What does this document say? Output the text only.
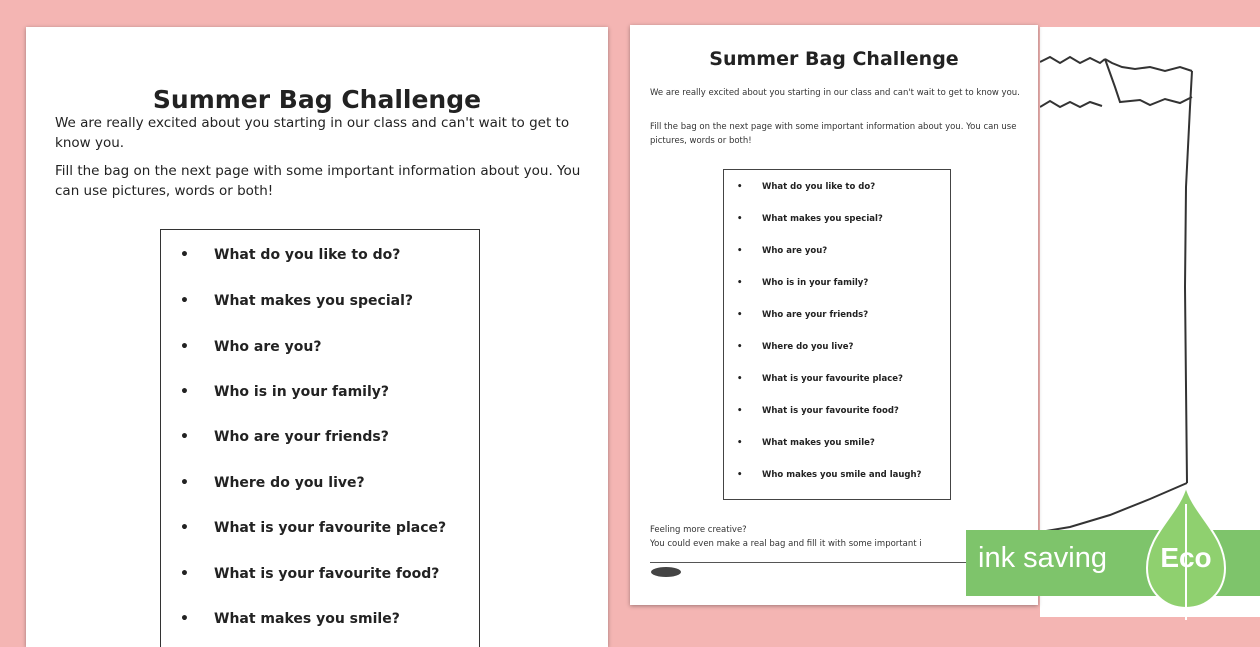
Summer Bag Challenge
We are really excited about you starting in our class and can't wait to get to know you.
Fill the bag on the next page with some important information about you. You can use pictures, words or both!
• What do you like to do?
• What makes you special?
• Who are you?
• Who is in your family?
• Who are your friends?
• Where do you live?
• What is your favourite place?
• What is your favourite food?
• What makes you smile?
Summer Bag Challenge
We are really excited about you starting in our class and can't wait to get to know you.
Fill the bag on the next page with some important information about you. You can use pictures, words or both!
• What do you like to do?
• What makes you special?
• Who are you?
• Who is in your family?
• Who are your friends?
• Where do you live?
• What is your favourite place?
• What is your favourite food?
• What makes you smile?
• Who makes you smile and laugh?
Feeling more creative?
You could even make a real bag and fill it with some important i	ink saving Eco
